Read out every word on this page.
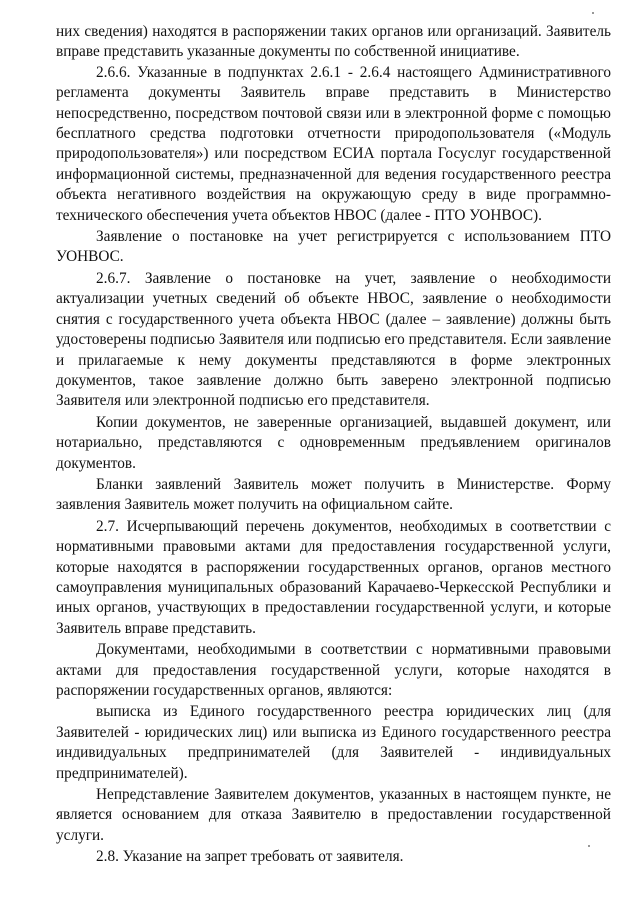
них сведения) находятся в распоряжении таких органов или организаций. Заявитель вправе представить указанные документы по собственной инициативе.

2.6.6. Указанные в подпунктах 2.6.1 - 2.6.4 настоящего Административного регламента документы Заявитель вправе представить в Министерство непосредственно, посредством почтовой связи или в электронной форме с помощью бесплатного средства подготовки отчетности природопользователя («Модуль природопользователя») или посредством ЕСИА портала Госуслуг государственной информационной системы, предназначенной для ведения государственного реестра объекта негативного воздействия на окружающую среду в виде программно-технического обеспечения учета объектов НВОС (далее - ПТО УОНВОС).

Заявление о постановке на учет регистрируется с использованием ПТО УОНВОС.

2.6.7. Заявление о постановке на учет, заявление о необходимости актуализации учетных сведений об объекте НВОС, заявление о необходимости снятия с государственного учета объекта НВОС (далее – заявление) должны быть удостоверены подписью Заявителя или подписью его представителя. Если заявление и прилагаемые к нему документы представляются в форме электронных документов, такое заявление должно быть заверено электронной подписью Заявителя или электронной подписью его представителя.

Копии документов, не заверенные организацией, выдавшей документ, или нотариально, представляются с одновременным предъявлением оригиналов документов.

Бланки заявлений Заявитель может получить в Министерстве. Форму заявления Заявитель может получить на официальном сайте.

2.7. Исчерпывающий перечень документов, необходимых в соответствии с нормативными правовыми актами для предоставления государственной услуги, которые находятся в распоряжении государственных органов, органов местного самоуправления муниципальных образований Карачаево-Черкесской Республики и иных органов, участвующих в предоставлении государственной услуги, и которые Заявитель вправе представить.

Документами, необходимыми в соответствии с нормативными правовыми актами для предоставления государственной услуги, которые находятся в распоряжении государственных органов, являются:

выписка из Единого государственного реестра юридических лиц (для Заявителей - юридических лиц) или выписка из Единого государственного реестра индивидуальных предпринимателей (для Заявителей - индивидуальных предпринимателей).

Непредставление Заявителем документов, указанных в настоящем пункте, не является основанием для отказа Заявителю в предоставлении государственной услуги.

2.8. Указание на запрет требовать от заявителя.
